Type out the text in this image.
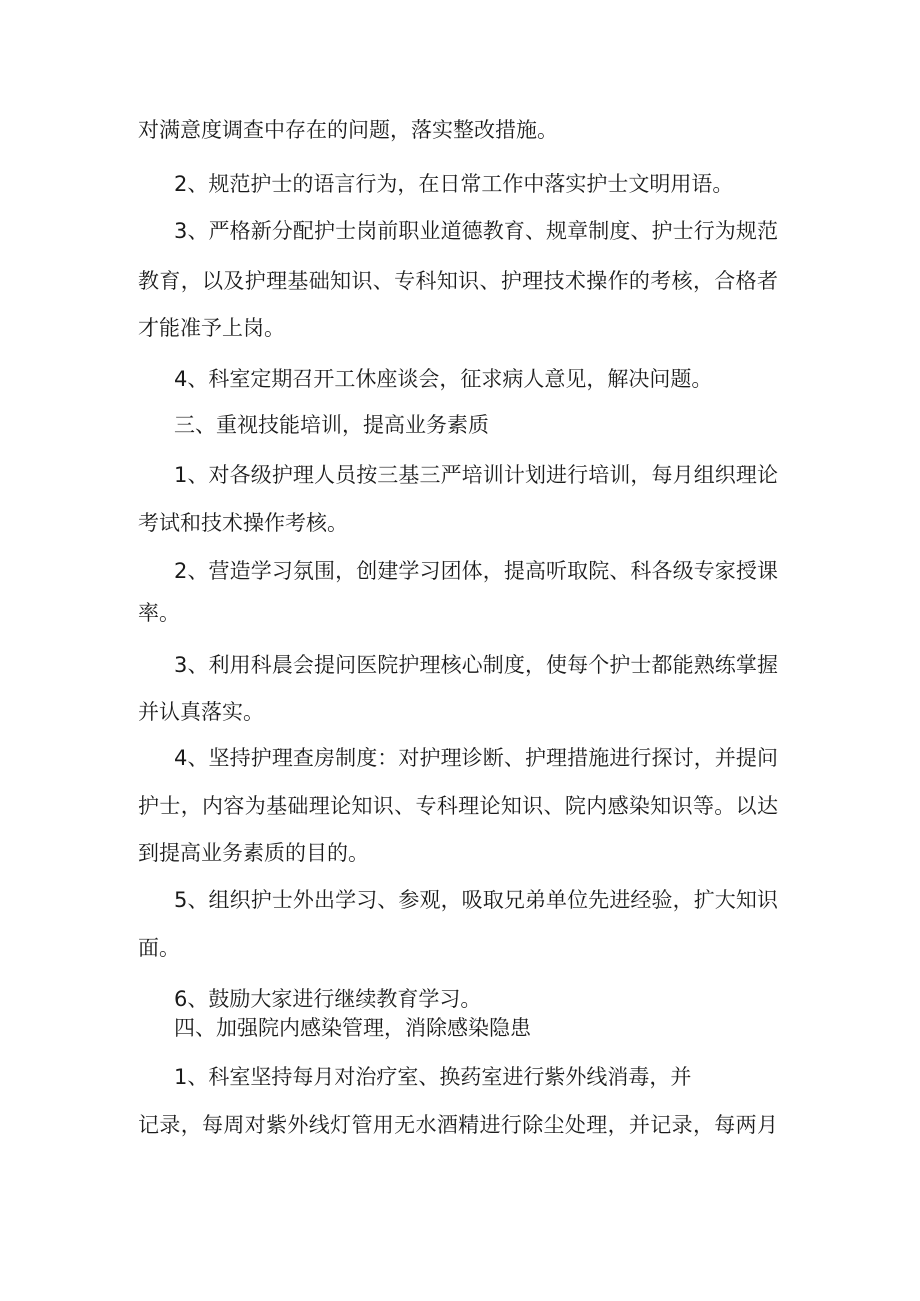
对满意度调查中存在的问题，落实整改措施。
2、规范护士的语言行为，在日常工作中落实护士文明用语。
3、严格新分配护士岗前职业道德教育、规章制度、护士行为规范
教育，以及护理基础知识、专科知识、护理技术操作的考核，合格者
才能准予上岗。
4、科室定期召开工休座谈会，征求病人意见，解决问题。
三、重视技能培训，提高业务素质
1、对各级护理人员按三基三严培训计划进行培训，每月组织理论
考试和技术操作考核。
2、营造学习氛围，创建学习团体，提高听取院、科各级专家授课
率。
3、利用科晨会提问医院护理核心制度，使每个护士都能熟练掌握
并认真落实。
4、坚持护理查房制度：对护理诊断、护理措施进行探讨，并提问
护士，内容为基础理论知识、专科理论知识、院内感染知识等。以达
到提高业务素质的目的。
5、组织护士外出学习、参观，吸取兄弟单位先进经验，扩大知识
面。
6、鼓励大家进行继续教育学习。
四、加强院内感染管理，消除感染隐患
1、科室坚持每月对治疗室、换药室进行紫外线消毒，并
记录，每周对紫外线灯管用无水酒精进行除尘处理，并记录，每两月
